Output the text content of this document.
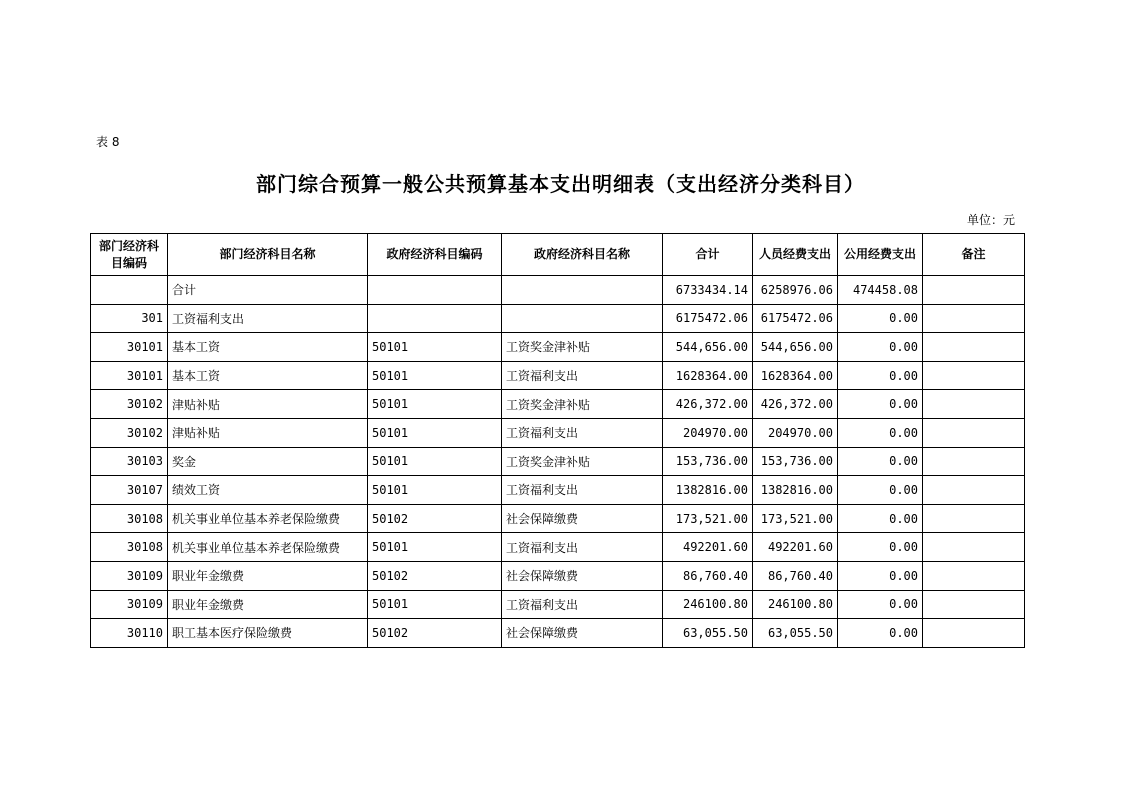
表 8
部门综合预算一般公共预算基本支出明细表（支出经济分类科目）
单位：元
部门经济科目编码	部门经济科目名称	政府经济科目编码	政府经济科目名称	合计	人员经费支出	公用经费支出	备注
	合计			6733434.14	6258976.06	474458.08	
301	工资福利支出			6175472.06	6175472.06	0.00	
30101	基本工资	50101	工资奖金津补贴	544,656.00	544,656.00	0.00	
30101	基本工资	50101	工资福利支出	1628364.00	1628364.00	0.00	
30102	津贴补贴	50101	工资奖金津补贴	426,372.00	426,372.00	0.00	
30102	津贴补贴	50101	工资福利支出	204970.00	204970.00	0.00	
30103	奖金	50101	工资奖金津补贴	153,736.00	153,736.00	0.00	
30107	绩效工资	50101	工资福利支出	1382816.00	1382816.00	0.00	
30108	机关事业单位基本养老保险缴费	50102	社会保障缴费	173,521.00	173,521.00	0.00	
30108	机关事业单位基本养老保险缴费	50101	工资福利支出	492201.60	492201.60	0.00	
30109	职业年金缴费	50102	社会保障缴费	86,760.40	86,760.40	0.00	
30109	职业年金缴费	50101	工资福利支出	246100.80	246100.80	0.00	
30110	职工基本医疗保险缴费	50102	社会保障缴费	63,055.50	63,055.50	0.00	
